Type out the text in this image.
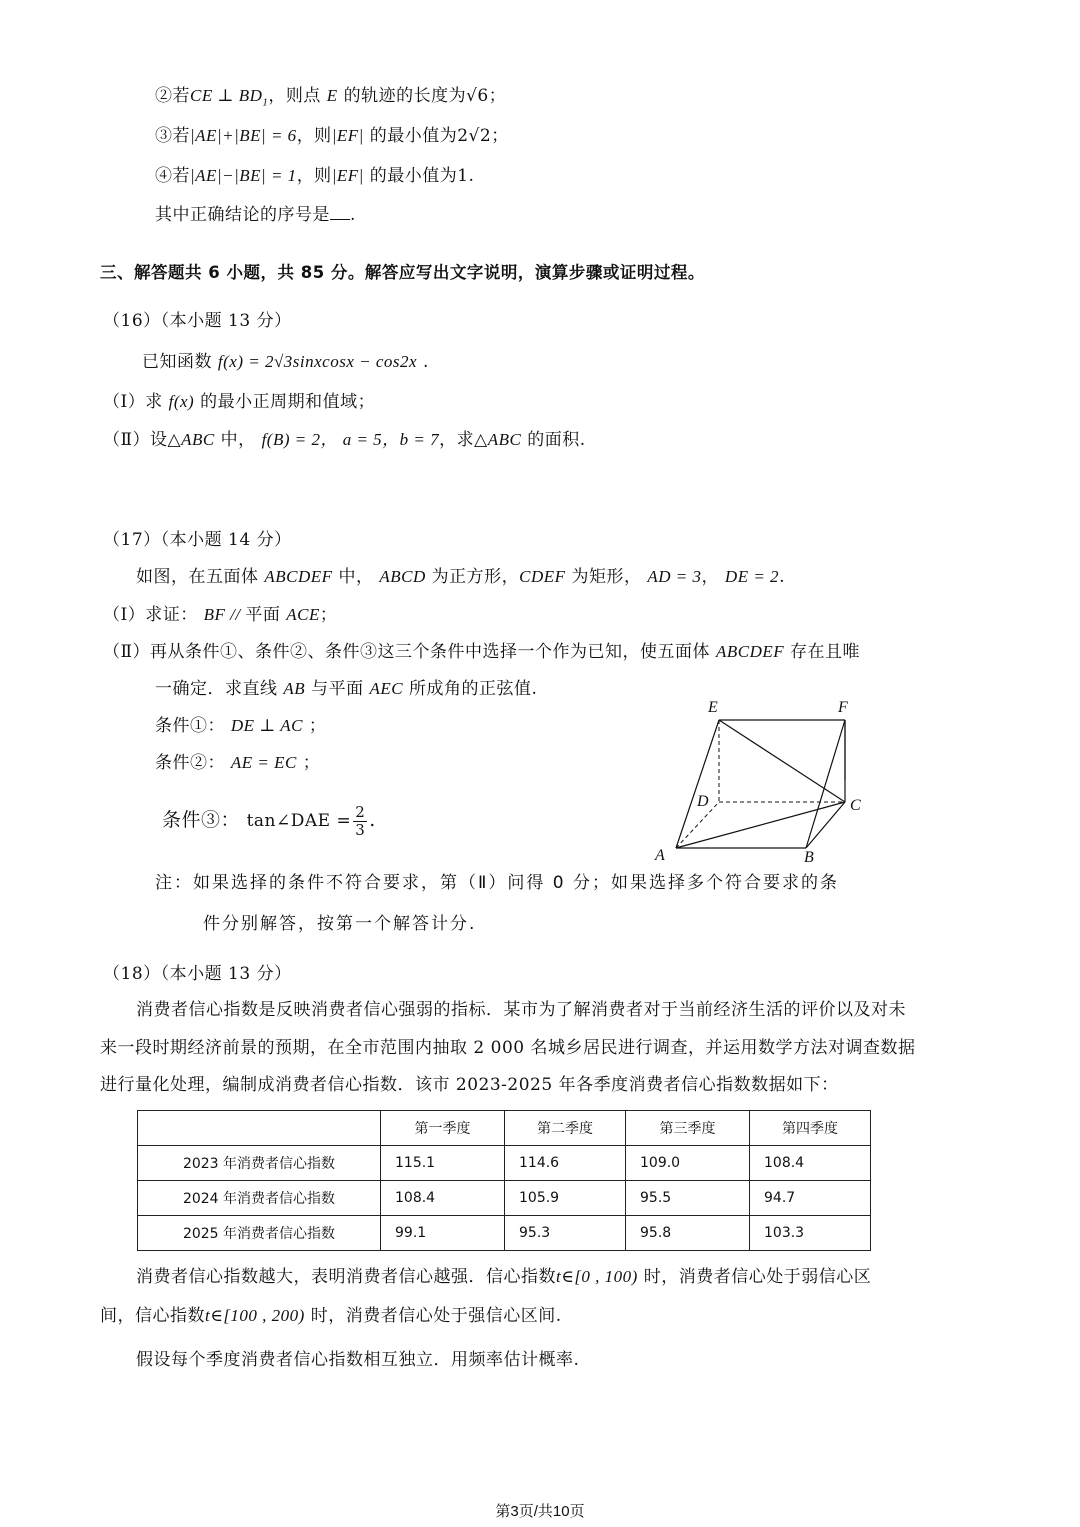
②若CE ⊥ $BD_1$，则点 E 的轨迹的长度为√6；
③若|AE|+|BE| = 6，则|EF| 的最小值为2√2；
④若|AE|−|BE| = 1，则|EF| 的最小值为1.
其中正确结论的序号是 .
三、解答题共 6 小题，共 85 分。解答应写出文字说明，演算步骤或证明过程。
（16）（本小题 13 分）
已知函数 f(x) = 2√3sinxcosx − cos2x .
（Ⅰ）求 f(x) 的最小正周期和值域；
（Ⅱ）设△ABC 中， f(B) = 2， a = 5，b = 7，求△ABC 的面积.
（17）（本小题 14 分）
如图，在五面体 ABCDEF 中， ABCD 为正方形，CDEF 为矩形， AD = 3， DE = 2.
（Ⅰ）求证： BF // 平面 ACE；
（Ⅱ）再从条件①、条件②、条件③这三个条件中选择一个作为已知，使五面体 ABCDEF 存在且唯
一确定．求直线 AB 与平面 AEC 所成角的正弦值.
条件①： DE ⊥ AC ；
条件②： AE = EC ；
条件③： tan∠DAE = $\frac{2}{3}$ .
E	F
D	C
A	B
注：如果选择的条件不符合要求，第（Ⅱ）问得 0 分；如果选择多个符合要求的条
件分别解答，按第一个解答计分.
（18）（本小题 13 分）
消费者信心指数是反映消费者信心强弱的指标．某市为了解消费者对于当前经济生活的评价以及对未
来一段时期经济前景的预期，在全市范围内抽取 2 000 名城乡居民进行调查，并运用数学方法对调查数据
进行量化处理，编制成消费者信心指数．该市 2023-2025 年各季度消费者信心指数数据如下：
	第一季度	第二季度	第三季度	第四季度
2023 年消费者信心指数	115.1	114.6	109.0	108.4
2024 年消费者信心指数	108.4	105.9	95.5	94.7
2025 年消费者信心指数	99.1	95.3	95.8	103.3
消费者信心指数越大，表明消费者信心越强．信心指数t∈[0 , 100) 时，消费者信心处于弱信心区
间，信心指数t∈[100 , 200) 时，消费者信心处于强信心区间.
假设每个季度消费者信心指数相互独立．用频率估计概率.
第3页/共10页
